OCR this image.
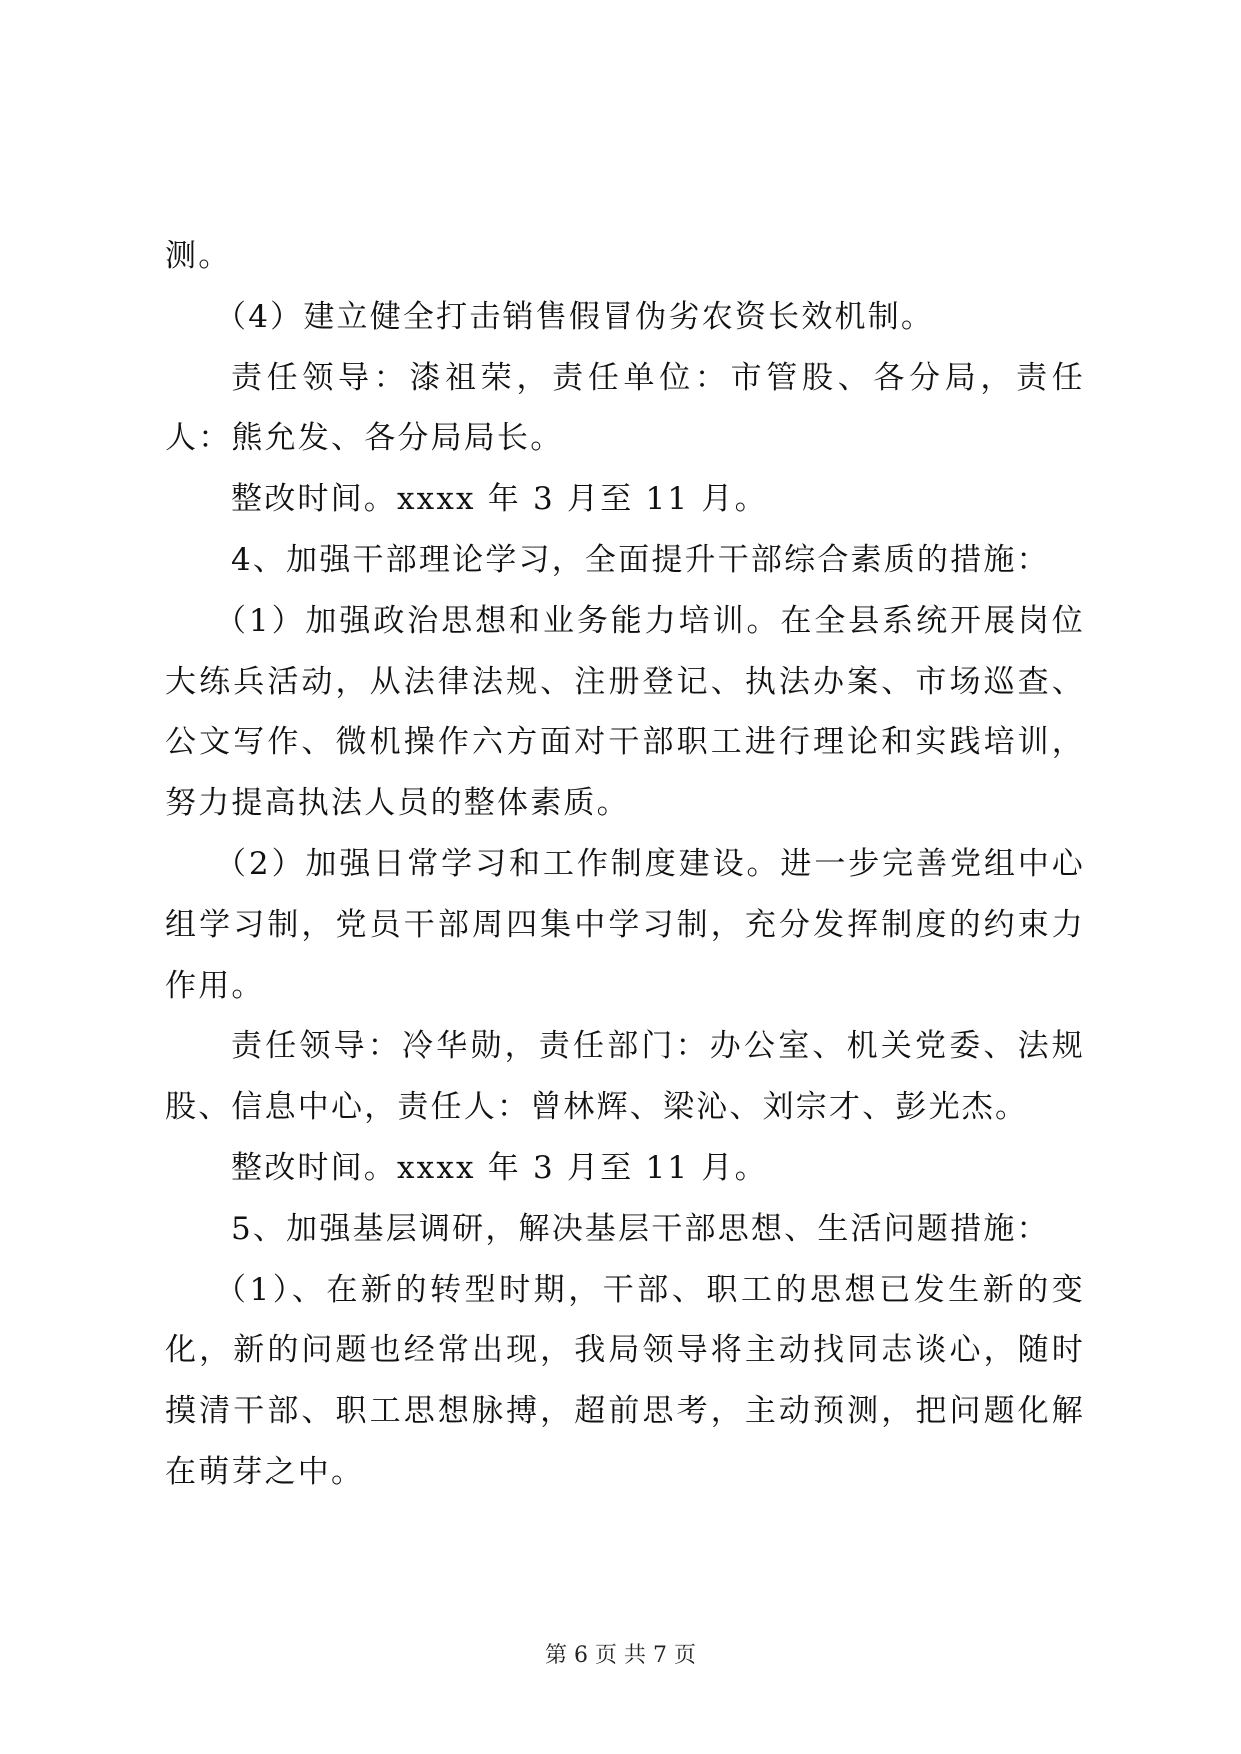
测。

（4）建立健全打击销售假冒伪劣农资长效机制。

责任领导：漆祖荣，责任单位：市管股、各分局，责任人：熊允发、各分局局长。

整改时间。xxxx 年 3 月至 11 月。

4、加强干部理论学习，全面提升干部综合素质的措施：

（1）加强政治思想和业务能力培训。在全县系统开展岗位大练兵活动，从法律法规、注册登记、执法办案、市场巡查、公文写作、微机操作六方面对干部职工进行理论和实践培训，努力提高执法人员的整体素质。

（2）加强日常学习和工作制度建设。进一步完善党组中心组学习制，党员干部周四集中学习制，充分发挥制度的约束力作用。

责任领导：冷华勋，责任部门：办公室、机关党委、法规股、信息中心，责任人：曾林辉、梁沁、刘宗才、彭光杰。

整改时间。xxxx 年 3 月至 11 月。

5、加强基层调研，解决基层干部思想、生活问题措施：

（1）、在新的转型时期，干部、职工的思想已发生新的变化，新的问题也经常出现，我局领导将主动找同志谈心，随时摸清干部、职工思想脉搏，超前思考，主动预测，把问题化解在萌芽之中。

第 6 页 共 7 页
